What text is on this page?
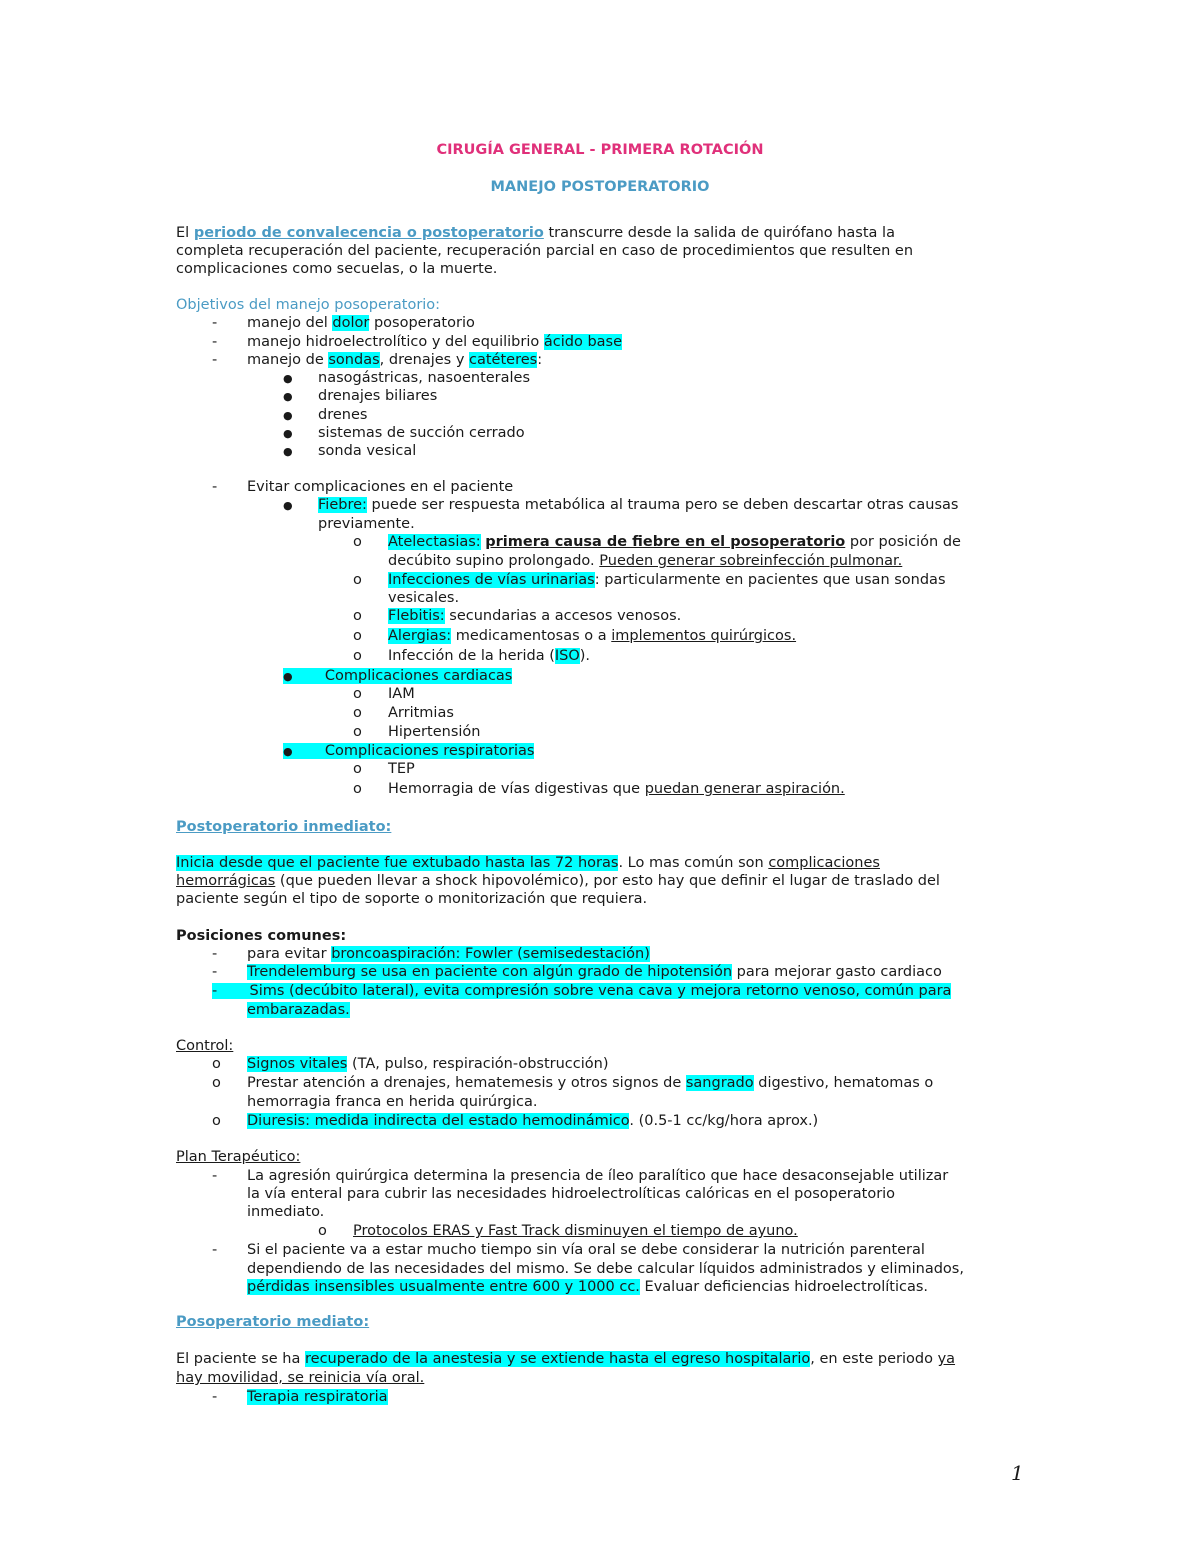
CIRUGÍA GENERAL - PRIMERA ROTACIÓN
MANEJO POSTOPERATORIO
El periodo de convalecencia o postoperatorio transcurre desde la salida de quirófano hasta la
completa recuperación del paciente, recuperación parcial en caso de procedimientos que resulten en
complicaciones como secuelas, o la muerte.
Objetivos del manejo posoperatorio:
- manejo del dolor posoperatorio
- manejo hidroelectrolítico y del equilibrio ácido base
- manejo de sondas, drenajes y catéteres:
● nasogástricas, nasoenterales
● drenajes biliares
● drenes
● sistemas de succión cerrado
● sonda vesical
- Evitar complicaciones en el paciente
● Fiebre: puede ser respuesta metabólica al trauma pero se deben descartar otras causas
previamente.
o Atelectasias: primera causa de fiebre en el posoperatorio por posición de
decúbito supino prolongado. Pueden generar sobreinfección pulmonar.
o Infecciones de vías urinarias: particularmente en pacientes que usan sondas
vesicales.
o Flebitis: secundarias a accesos venosos.
o Alergias: medicamentosas o a implementos quirúrgicos.
o Infección de la herida (ISO).
● Complicaciones cardiacas
o IAM
o Arritmias
o Hipertensión
● Complicaciones respiratorias
o TEP
o Hemorragia de vías digestivas que puedan generar aspiración.
Postoperatorio inmediato:
Inicia desde que el paciente fue extubado hasta las 72 horas. Lo mas común son complicaciones
hemorrágicas (que pueden llevar a shock hipovolémico), por esto hay que definir el lugar de traslado del
paciente según el tipo de soporte o monitorización que requiera.
Posiciones comunes:
- para evitar broncoaspiración: Fowler (semisedestación)
- Trendelemburg se usa en paciente con algún grado de hipotensión para mejorar gasto cardiaco
-       Sims (decúbito lateral), evita compresión sobre vena cava y mejora retorno venoso, común para
embarazadas.
Control:
o Signos vitales (TA, pulso, respiración-obstrucción)
o Prestar atención a drenajes, hematemesis y otros signos de sangrado digestivo, hematomas o
hemorragia franca en herida quirúrgica.
o Diuresis: medida indirecta del estado hemodinámico. (0.5-1 cc/kg/hora aprox.)
Plan Terapéutico:
- La agresión quirúrgica determina la presencia de íleo paralítico que hace desaconsejable utilizar
la vía enteral para cubrir las necesidades hidroelectrolíticas calóricas en el posoperatorio
inmediato.
o Protocolos ERAS y Fast Track disminuyen el tiempo de ayuno.
- Si el paciente va a estar mucho tiempo sin vía oral se debe considerar la nutrición parenteral
dependiendo de las necesidades del mismo. Se debe calcular líquidos administrados y eliminados,
pérdidas insensibles usualmente entre 600 y 1000 cc. Evaluar deficiencias hidroelectrolíticas.
Posoperatorio mediato:
El paciente se ha recuperado de la anestesia y se extiende hasta el egreso hospitalario, en este periodo ya
hay movilidad, se reinicia vía oral.
- Terapia respiratoria
1
